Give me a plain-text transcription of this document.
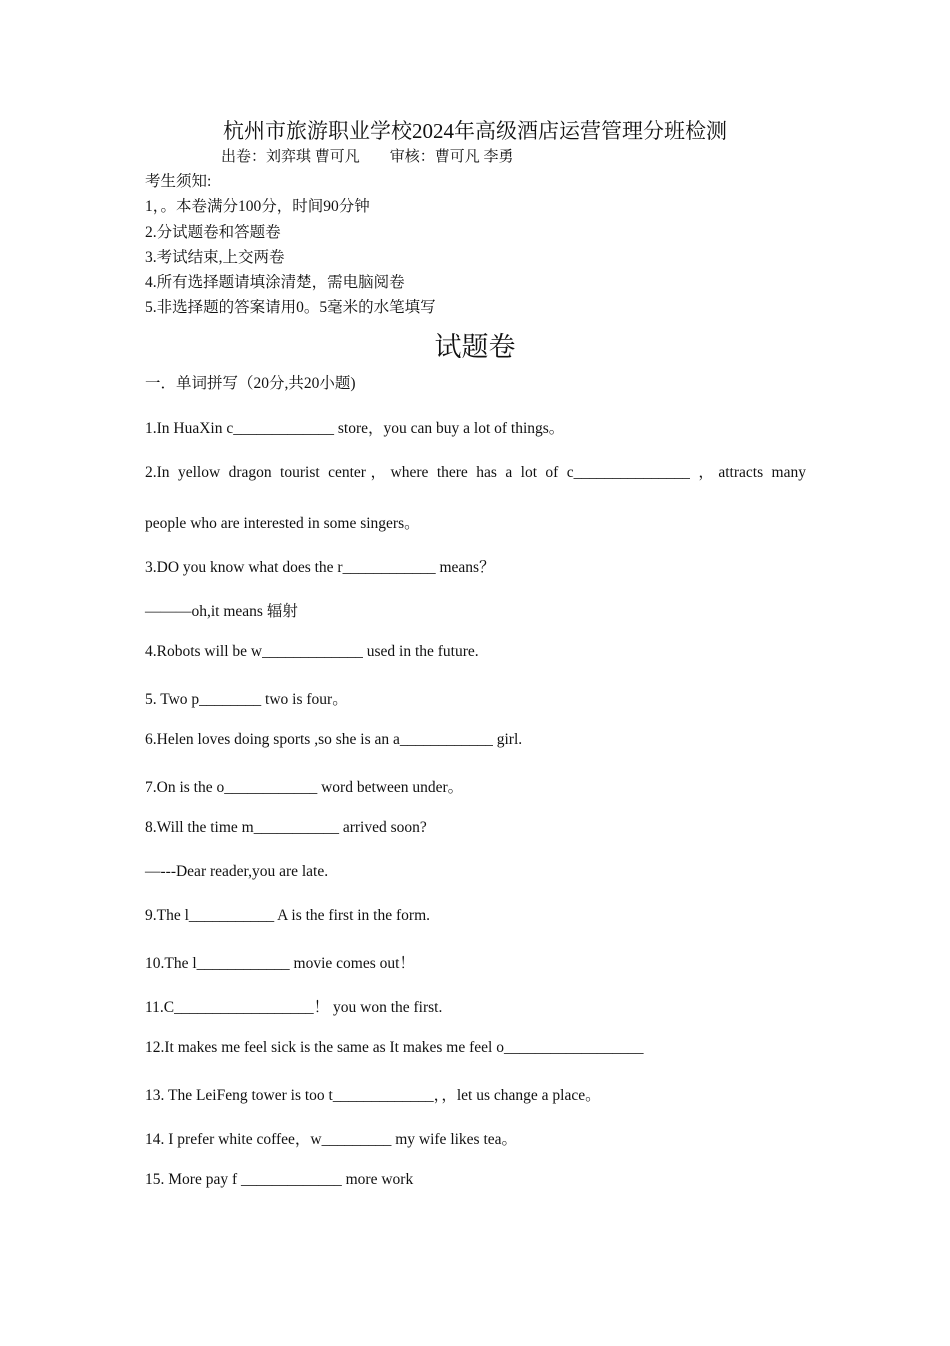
杭州市旅游职业学校2024年高级酒店运营管理分班检测
出卷：刘弈琪 曹可凡 审核：曹可凡 李勇
考生须知:
1，。本卷满分100分，时间90分钟
2.分试题卷和答题卷
3.考试结束,上交两卷
4.所有选择题请填涂清楚，需电脑阅卷
5.非选择题的答案请用0。5毫米的水笔填写
试题卷
一．单词拼写（20分,共20小题)
1.In HuaXin c_____________ store，you can buy a lot of things。
2.In yellow dragon tourist center，where there has a lot of c_______________ ，attracts many
people who are interested in some singers。
3.DO you know what does the r____________ means？
———oh,it means 辐射
4.Robots will be w_____________ used in the future.
5. Two p________ two is four。
6.Helen loves doing sports ,so she is an a____________ girl.
7.On is the o____________ word between under。
8.Will the time m___________ arrived soon?
—---Dear reader,you are late.
9.The l___________ A is the first in the form.
10.The l____________ movie comes out！
11.C__________________！ you won the first.
12.It makes me feel sick is the same as It makes me feel o__________________
13. The LeiFeng tower is too t_____________，，let us change a place。
14. I prefer white coffee，w_________ my wife likes tea。
15. More pay f _____________ more work
